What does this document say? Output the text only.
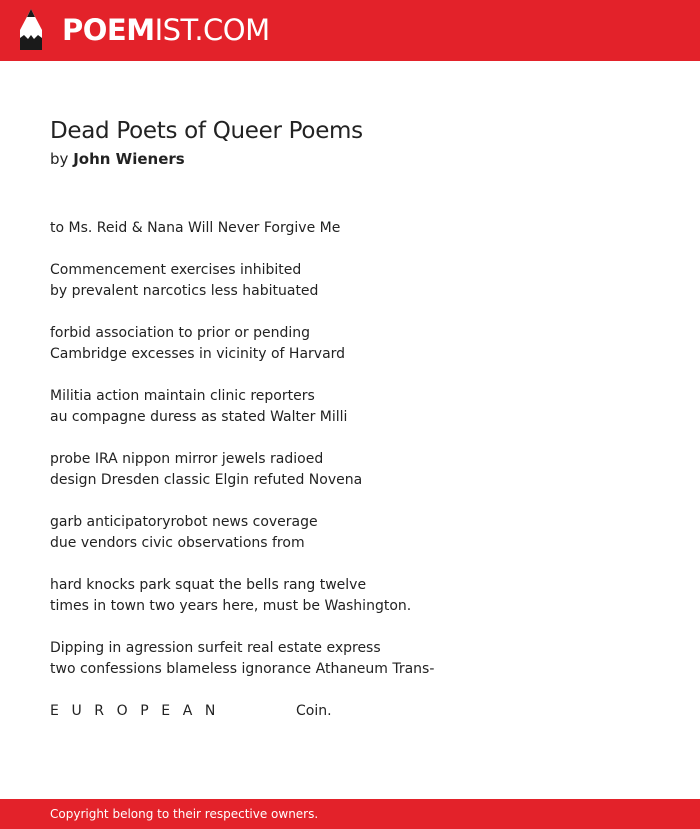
POEMIST.COM
Dead Poets of Queer Poems
by John Wieners
to Ms. Reid & Nana Will Never Forgive Me
Commencement exercises inhibited
by prevalent narcotics less habituated
forbid association to prior or pending
Cambridge excesses in vicinity of Harvard
Militia action maintain clinic reporters
au compagne duress as stated Walter Milli
probe IRA nippon mirror jewels radioed
design Dresden classic Elgin refuted Novena
garb anticipatoryrobot news coverage
due vendors civic observations from
hard knocks park squat the bells rang twelve
times in town two years here, must be Washington.
Dipping in agression surfeit real estate express
two confessions blameless ignorance Athaneum Trans-
EUROPEAN	Coin.
Copyright belong to their respective owners.
